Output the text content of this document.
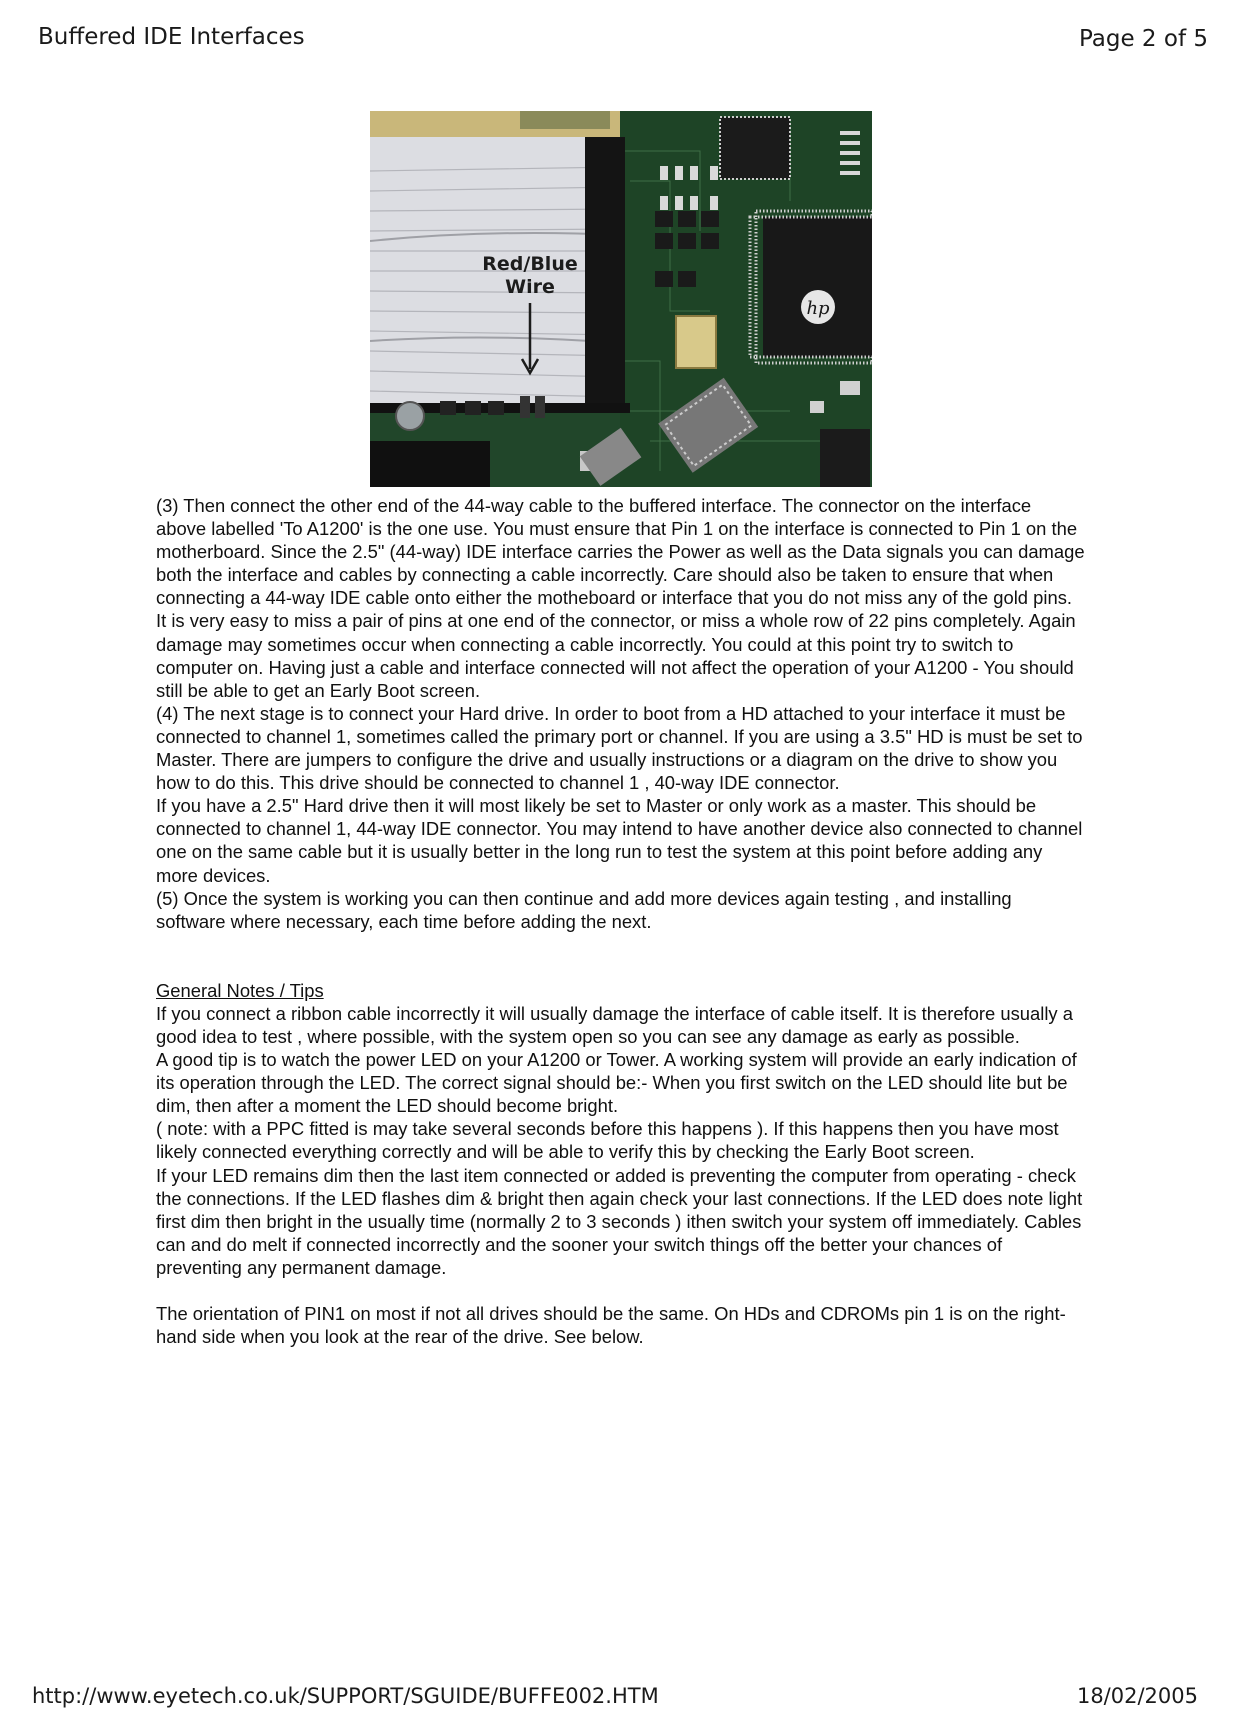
Buffered IDE Interfaces	Page 2 of 5
hp
Red/Blue
Wire

(3) Then connect the other end of the 44-way cable to the buffered interface. The connector on the interface above labelled 'To A1200' is the one use. You must ensure that Pin 1 on the interface is connected to Pin 1 on the motherboard. Since the 2.5" (44-way) IDE interface carries the Power as well as the Data signals you can damage both the interface and cables by connecting a cable incorrectly. Care should also be taken to ensure that when connecting a 44-way IDE cable onto either the motheboard or interface that you do not miss any of the gold pins. It is very easy to miss a pair of pins at one end of the connector, or miss a whole row of 22 pins completely. Again damage may sometimes occur when connecting a cable incorrectly. You could at this point try to switch to computer on. Having just a cable and interface connected will not affect the operation of your A1200 - You should still be able to get an Early Boot screen.

(4) The next stage is to connect your Hard drive. In order to boot from a HD attached to your interface it must be connected to channel 1, sometimes called the primary port or channel. If you are using a 3.5" HD is must be set to Master. There are jumpers to configure the drive and usually instructions or a diagram on the drive to show you how to do this. This drive should be connected to channel 1 , 40-way IDE connector.

If you have a 2.5" Hard drive then it will most likely be set to Master or only work as a master. This should be connected to channel 1, 44-way IDE connector. You may intend to have another device also connected to channel one on the same cable but it is usually better in the long run to test the system at this point before adding any more devices.

(5) Once the system is working you can then continue and add more devices again testing , and installing software where necessary, each time before adding the next.

General Notes / Tips

If you connect a ribbon cable incorrectly it will usually damage the interface of cable itself. It is therefore usually a good idea to test , where possible, with the system open so you can see any damage as early as possible.

A good tip is to watch the power LED on your A1200 or Tower. A working system will provide an early indication of its operation through the LED. The correct signal should be:- When you first switch on the LED should lite but be dim, then after a moment the LED should become bright.

( note: with a PPC fitted is may take several seconds before this happens ). If this happens then you have most likely connected everything correctly and will be able to verify this by checking the Early Boot screen.

If your LED remains dim then the last item connected or added is preventing the computer from operating - check the connections. If the LED flashes dim & bright then again check your last connections. If the LED does note light first dim then bright in the usually time (normally 2 to 3 seconds ) ithen switch your system off immediately. Cables can and do melt if connected incorrectly and the sooner your switch things off the better your chances of preventing any permanent damage.

The orientation of PIN1 on most if not all drives should be the same. On HDs and CDROMs pin 1 is on the right-hand side when you look at the rear of the drive. See below.

http://www.eyetech.co.uk/SUPPORT/SGUIDE/BUFFE002.HTM	18/02/2005
